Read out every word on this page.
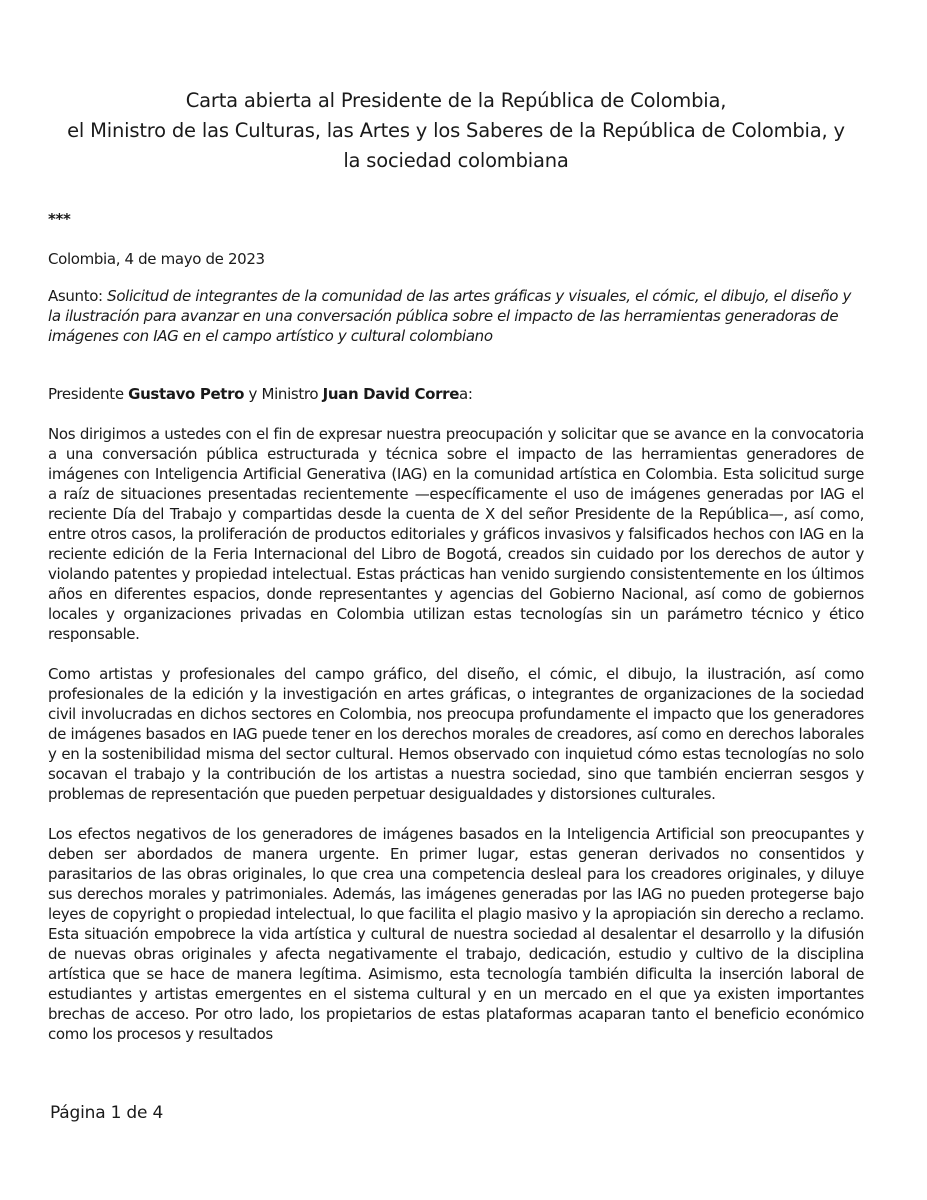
Carta abierta al Presidente de la República de Colombia,
el Ministro de las Culturas, las Artes y los Saberes de la República de Colombia, y
la sociedad colombiana
***
Colombia, 4 de mayo de 2023
Asunto: Solicitud de integrantes de la comunidad de las artes gráficas y visuales, el cómic, el dibujo, el diseño y la ilustración para avanzar en una conversación pública sobre el impacto de las herramientas generadoras de imágenes con IAG en el campo artístico y cultural colombiano
Presidente Gustavo Petro y Ministro Juan David Correa:

Nos dirigimos a ustedes con el fin de expresar nuestra preocupación y solicitar que se avance en la convocatoria a una conversación pública estructurada y técnica sobre el impacto de las herramientas generadores de imágenes con Inteligencia Artificial Generativa (IAG) en la comunidad artística en Colombia. Esta solicitud surge a raíz de situaciones presentadas recientemente —específicamente el uso de imágenes generadas por IAG el reciente Día del Trabajo y compartidas desde la cuenta de X del señor Presidente de la República—, así como, entre otros casos, la proliferación de productos editoriales y gráficos invasivos y falsificados hechos con IAG en la reciente edición de la Feria Internacional del Libro de Bogotá, creados sin cuidado por los derechos de autor y violando patentes y propiedad intelectual. Estas prácticas han venido surgiendo consistentemente en los últimos años en diferentes espacios, donde representantes y agencias del Gobierno Nacional, así como de gobiernos locales y organizaciones privadas en Colombia utilizan estas tecnologías sin un parámetro técnico y ético responsable.

Como artistas y profesionales del campo gráfico, del diseño, el cómic, el dibujo, la ilustración, así como profesionales de la edición y la investigación en artes gráficas, o integrantes de organizaciones de la sociedad civil involucradas en dichos sectores en Colombia, nos preocupa profundamente el impacto que los generadores de imágenes basados en IAG puede tener en los derechos morales de creadores, así como en derechos laborales y en la sostenibilidad misma del sector cultural. Hemos observado con inquietud cómo estas tecnologías no solo socavan el trabajo y la contribución de los artistas a nuestra sociedad, sino que también encierran sesgos y problemas de representación que pueden perpetuar desigualdades y distorsiones culturales.

Los efectos negativos de los generadores de imágenes basados en la Inteligencia Artificial son preocupantes y deben ser abordados de manera urgente. En primer lugar, estas generan derivados no consentidos y parasitarios de las obras originales, lo que crea una competencia desleal para los creadores originales, y diluye sus derechos morales y patrimoniales. Además, las imágenes generadas por las IAG no pueden protegerse bajo leyes de copyright o propiedad intelectual, lo que facilita el plagio masivo y la apropiación sin derecho a reclamo. Esta situación empobrece la vida artística y cultural de nuestra sociedad al desalentar el desarrollo y la difusión de nuevas obras originales y afecta negativamente el trabajo, dedicación, estudio y cultivo de la disciplina artística que se hace de manera legítima. Asimismo, esta tecnología también dificulta la inserción laboral de estudiantes y artistas emergentes en el sistema cultural y en un mercado en el que ya existen importantes brechas de acceso. Por otro lado, los propietarios de estas plataformas acaparan tanto el beneficio económico como los procesos y resultados

Página 1 de 4
